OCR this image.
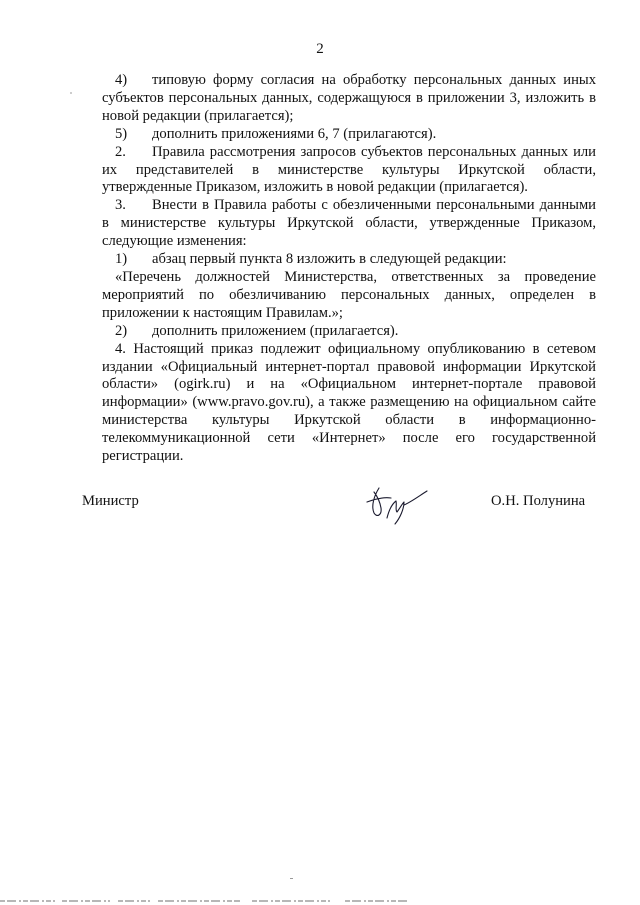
2

4) типовую форму согласия на обработку персональных данных иных субъектов персональных данных, содержащуюся в приложении 3, изложить в новой редакции (прилагается);

5) дополнить приложениями 6, 7 (прилагаются).

2. Правила рассмотрения запросов субъектов персональных данных или их представителей в министерстве культуры Иркутской области, утвержденные Приказом, изложить в новой редакции (прилагается).

3. Внести в Правила работы с обезличенными персональными данными в министерстве культуры Иркутской области, утвержденные Приказом, следующие изменения:

1) абзац первый пункта 8 изложить в следующей редакции:

«Перечень должностей Министерства, ответственных за проведение мероприятий по обезличиванию персональных данных, определен в приложении к настоящим Правилам.»;

2) дополнить приложением (прилагается).

4. Настоящий приказ подлежит официальному опубликованию в сетевом издании «Официальный интернет-портал правовой информации Иркутской области» (ogirk.ru) и на «Официальном интернет-портале правовой информации» (www.pravo.gov.ru), а также размещению на официальном сайте министерства культуры Иркутской области в информационно-телекоммуникационной сети «Интернет» после его государственной регистрации.

Министр	О.Н. Полунина
